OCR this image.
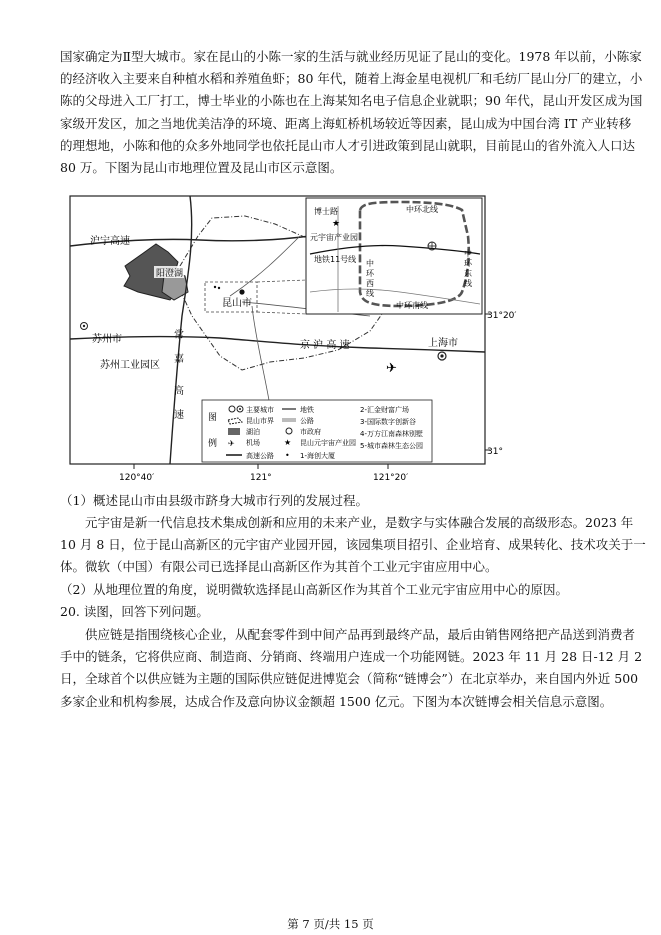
国家确定为Ⅱ型大城市。家在昆山的小陈一家的生活与就业经历见证了昆山的变化。1978 年以前，小陈家
的经济收入主要来自种植水稻和养殖鱼虾；80 年代，随着上海金星电视机厂和毛纺厂昆山分厂的建立，小
陈的父母进入工厂打工，博士毕业的小陈也在上海某知名电子信息企业就职；90 年代，昆山开发区成为国
家级开发区，加之当地优美洁净的环境、距离上海虹桥机场较近等因素，昆山成为中国台湾 IT 产业转移
的理想地，小陈和他的众多外地同学也依托昆山市人才引进政策到昆山就职，目前昆山的省外流入人口达
80 万。下图为昆山市地理位置及昆山市区示意图。
31°20′
31°
120°40′	121°	121°20′
阳澄湖
沪宁高速
常
嘉
高
速
京 沪 高 速
昆山市
苏州市
苏州工业园区
上海市
✈
博士路	中环北线
★
元宇宙产业园
地铁11号线 中
环
西
线
中
环
东
线
中环南线
图
例 ✈
主要城市
昆山市界
湖泊
机场
高速公路
★
•
地铁
公路
市政府
昆山元宇宙产业园
1-海创大厦
2-汇金财富广场
3-国际数字创新谷
4-万方江南森林别墅
5-城市森林生态公园
（1）概述昆山市由县级市跻身大城市行列的发展过程。
元宇宙是新一代信息技术集成创新和应用的未来产业，是数字与实体融合发展的高级形态。2023 年
10 月 8 日，位于昆山高新区的元宇宙产业园开园，该园集项目招引、企业培育、成果转化、技术攻关于一
体。微软（中国）有限公司已选择昆山高新区作为其首个工业元宇宙应用中心。
（2）从地理位置的角度，说明微软选择昆山高新区作为其首个工业元宇宙应用中心的原因。
20. 读图，回答下列问题。
供应链是指围绕核心企业，从配套零件到中间产品再到最终产品，最后由销售网络把产品送到消费者
手中的链条，它将供应商、制造商、分销商、终端用户连成一个功能网链。2023 年 11 月 28 日-12 月 2
日，全球首个以供应链为主题的国际供应链促进博览会（简称“链博会”）在北京举办，来自国内外近 500
多家企业和机构参展，达成合作及意向协议金额超 1500 亿元。下图为本次链博会相关信息示意图。
第 7 页/共 15 页
